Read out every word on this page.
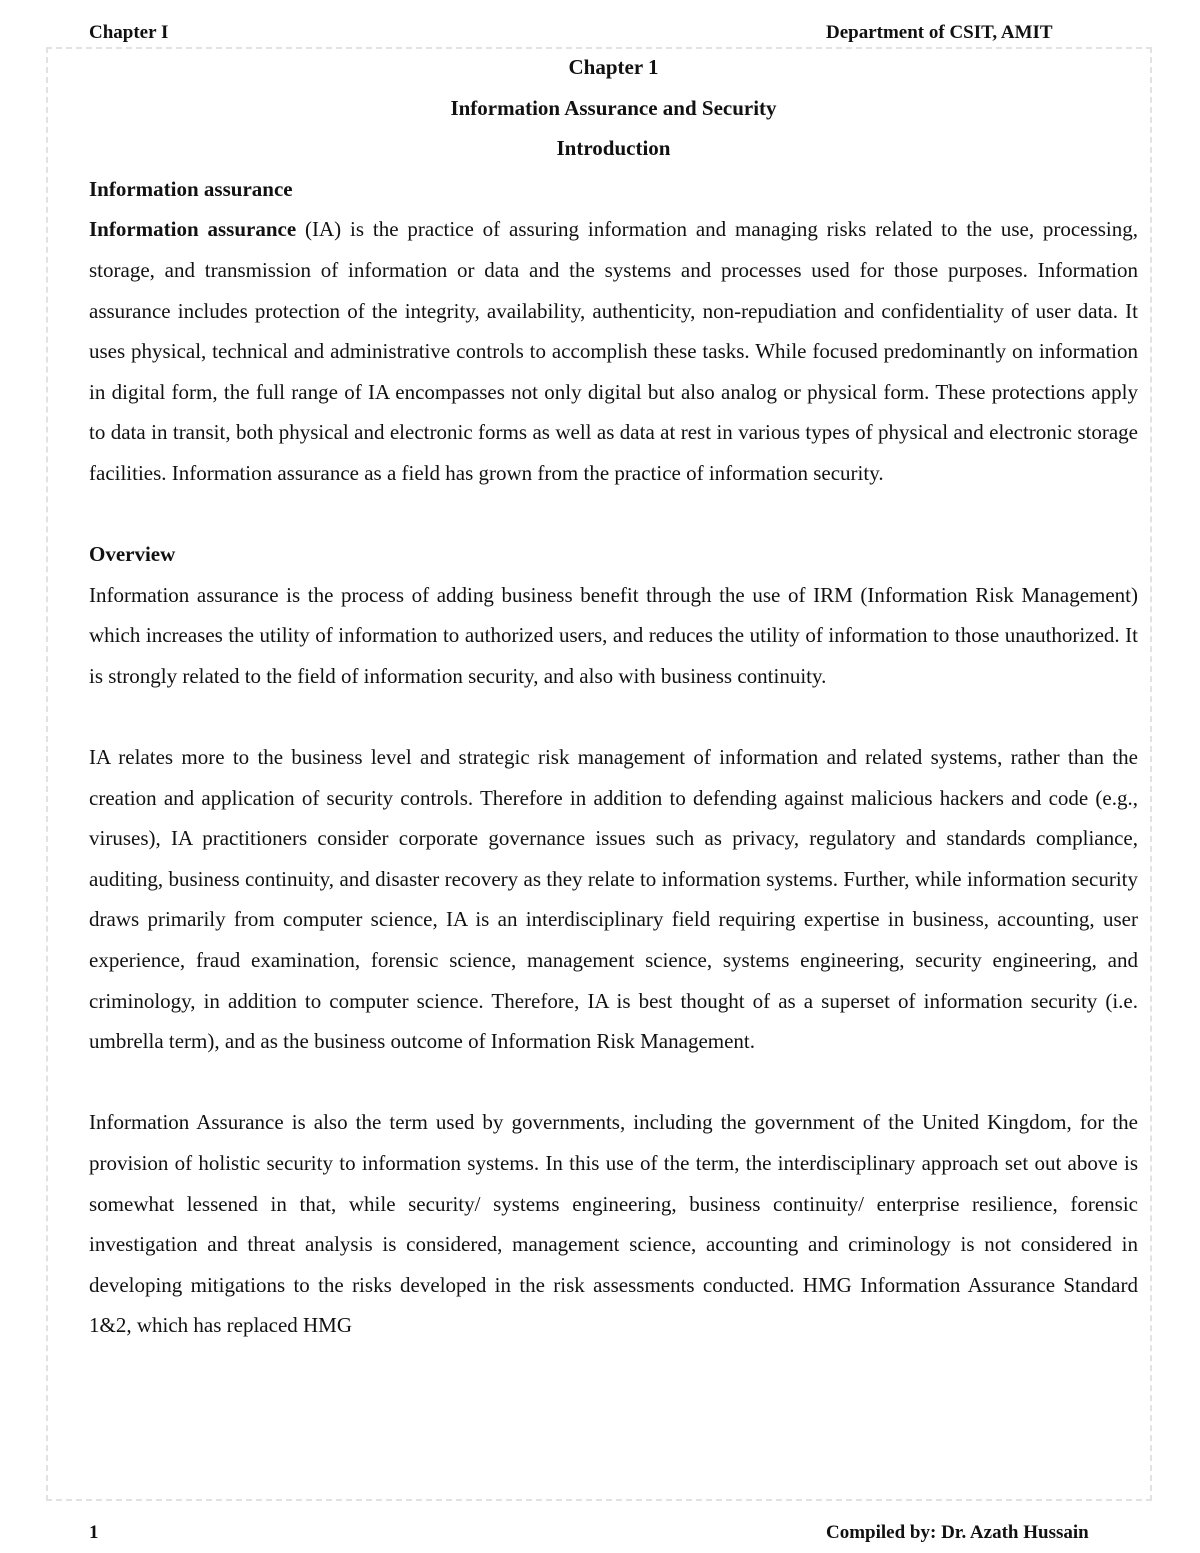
Chapter I	Department of CSIT, AMIT
Chapter 1
Information Assurance and Security
Introduction
Information assurance

Information assurance (IA) is the practice of assuring information and managing risks related to the use, processing, storage, and transmission of information or data and the systems and processes used for those purposes. Information assurance includes protection of the integrity, availability, authenticity, non-repudiation and confidentiality of user data. It uses physical, technical and administrative controls to accomplish these tasks. While focused predominantly on information in digital form, the full range of IA encompasses not only digital but also analog or physical form. These protections apply to data in transit, both physical and electronic forms as well as data at rest in various types of physical and electronic storage facilities. Information assurance as a field has grown from the practice of information security.

Overview

Information assurance is the process of adding business benefit through the use of IRM (Information Risk Management) which increases the utility of information to authorized users, and reduces the utility of information to those unauthorized. It is strongly related to the field of information security, and also with business continuity.

IA relates more to the business level and strategic risk management of information and related systems, rather than the creation and application of security controls. Therefore in addition to defending against malicious hackers and code (e.g., viruses), IA practitioners consider corporate governance issues such as privacy, regulatory and standards compliance, auditing, business continuity, and disaster recovery as they relate to information systems. Further, while information security draws primarily from computer science, IA is an interdisciplinary field requiring expertise in business, accounting, user experience, fraud examination, forensic science, management science, systems engineering, security engineering, and criminology, in addition to computer science. Therefore, IA is best thought of as a superset of information security (i.e. umbrella term), and as the business outcome of Information Risk Management.

Information Assurance is also the term used by governments, including the government of the United Kingdom, for the provision of holistic security to information systems. In this use of the term, the interdisciplinary approach set out above is somewhat lessened in that, while security/ systems engineering, business continuity/ enterprise resilience, forensic investigation and threat analysis is considered, management science, accounting and criminology is not considered in developing mitigations to the risks developed in the risk assessments conducted. HMG Information Assurance Standard 1&2, which has replaced HMG

1	Compiled by: Dr. Azath Hussain
